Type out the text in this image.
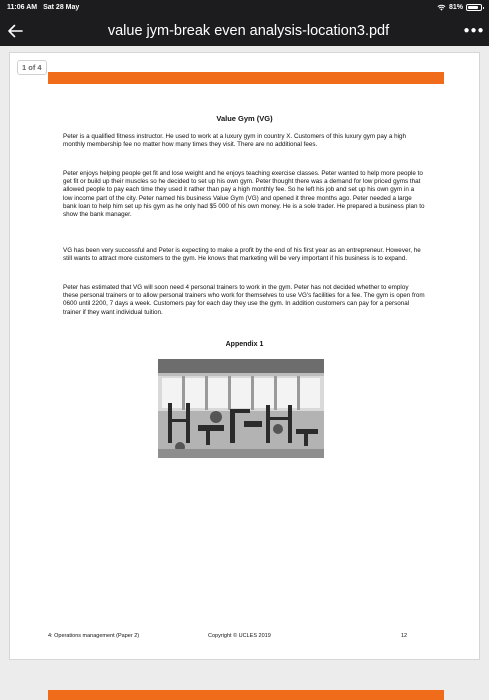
11:06 AM Sat 28 May	81%
value jym-break even analysis-location3.pdf	●●●
1 of 4
Value Gym (VG)

Peter is a qualified fitness instructor. He used to work at a luxury gym in country X. Customers of this luxury gym pay a high monthly membership fee no matter how many times they visit. There are no additional fees.

Peter enjoys helping people get fit and lose weight and he enjoys teaching exercise classes. Peter wanted to help more people to get fit or build up their muscles so he decided to set up his own gym. Peter thought there was a demand for low priced gyms that allowed people to pay each time they used it rather than pay a high monthly fee. So he left his job and set up his own gym in a low income part of the city. Peter named his business Value Gym (VG) and opened it three months ago. Peter needed a large bank loan to help him set up his gym as he only had $5 000 of his own money. He is a sole trader. He prepared a business plan to show the bank manager.

VG has been very successful and Peter is expecting to make a profit by the end of his first year as an entrepreneur. However, he still wants to attract more customers to the gym. He knows that marketing will be very important if his business is to expand.

Peter has estimated that VG will soon need 4 personal trainers to work in the gym. Peter has not decided whether to employ these personal trainers or to allow personal trainers who work for themselves to use VG's facilities for a fee. The gym is open from 0600 until 2200, 7 days a week. Customers pay for each day they use the gym. In addition customers can pay for a personal trainer if they want individual tuition.

Appendix 1
4: Operations management (Paper 2)	Copyright © UCLES 2019	12
